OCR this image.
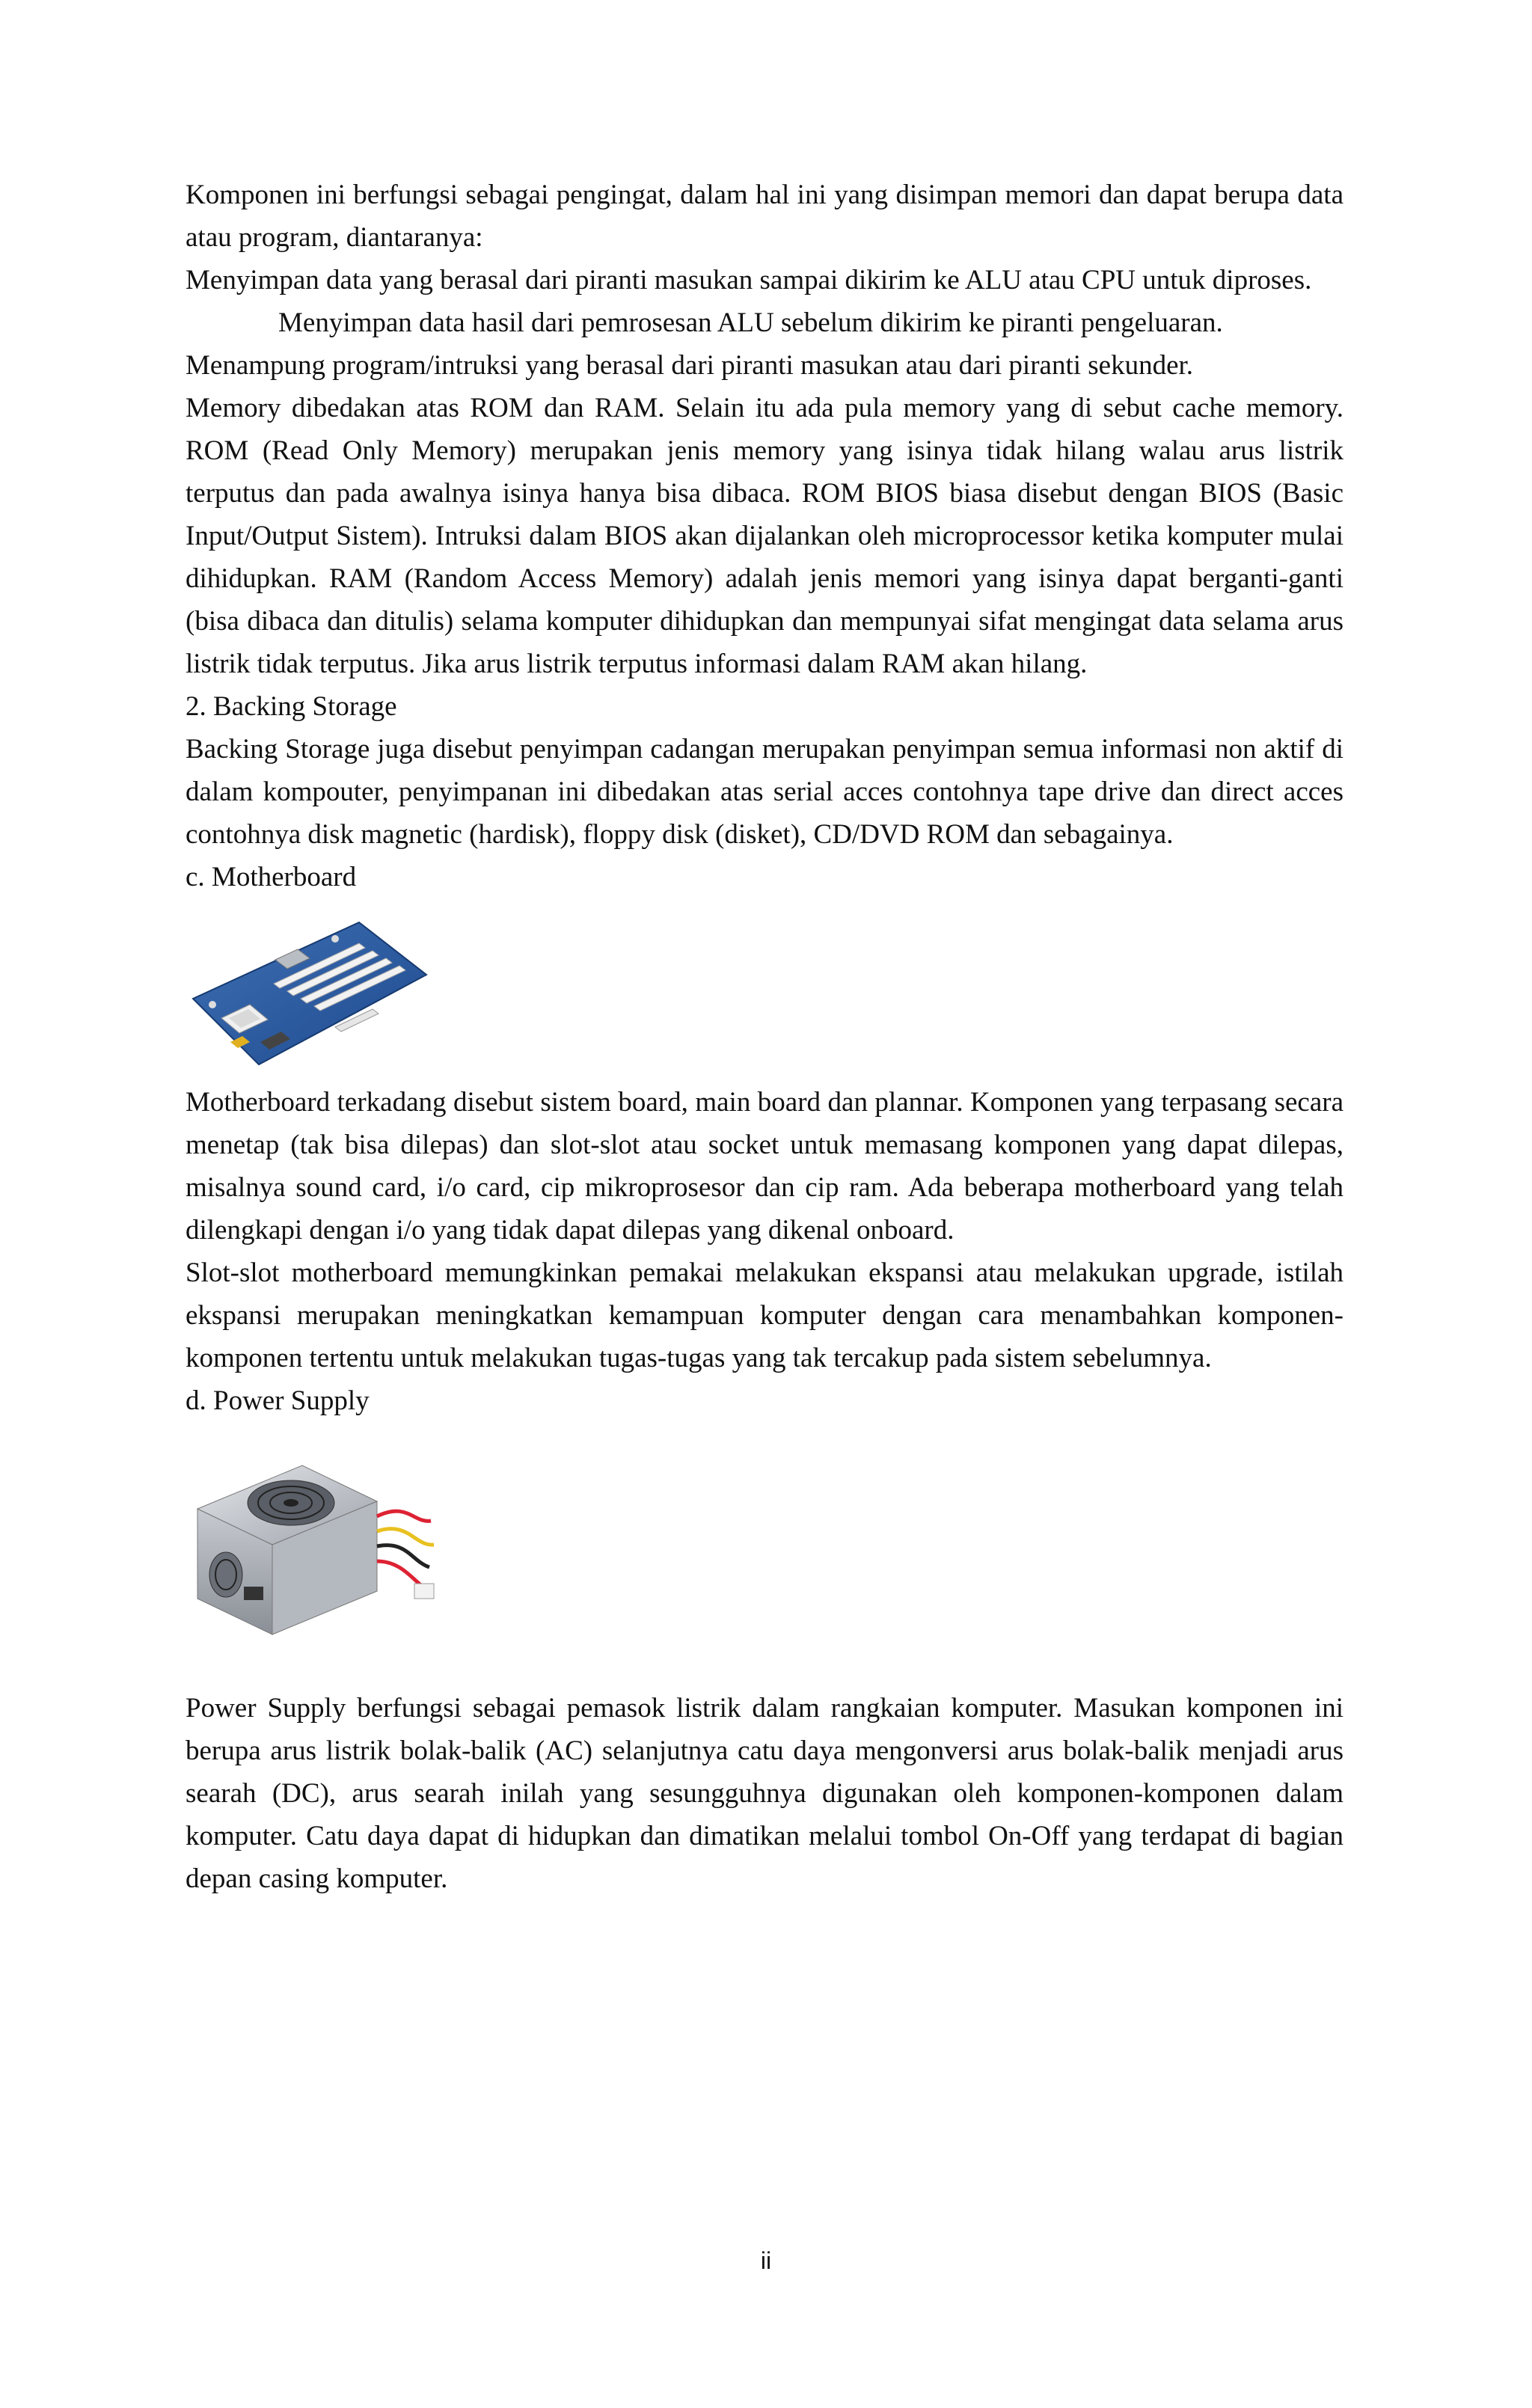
Komponen ini berfungsi sebagai pengingat, dalam hal ini yang disimpan memori dan dapat berupa data atau program, diantaranya:

Menyimpan data yang berasal dari piranti masukan sampai dikirim ke ALU atau CPU untuk diproses.

Menyimpan data hasil dari pemrosesan ALU sebelum dikirim ke piranti pengeluaran.

Menampung program/intruksi yang berasal dari piranti masukan atau dari piranti sekunder.

Memory dibedakan atas ROM dan RAM. Selain itu ada pula memory yang di sebut cache memory. ROM (Read Only Memory) merupakan jenis memory yang isinya tidak hilang walau arus listrik terputus dan pada awalnya isinya hanya bisa dibaca. ROM BIOS biasa disebut dengan BIOS (Basic Input/Output Sistem). Intruksi dalam BIOS akan dijalankan oleh microprocessor ketika komputer mulai dihidupkan. RAM (Random Access Memory) adalah jenis memori yang isinya dapat berganti-ganti (bisa dibaca dan ditulis) selama komputer dihidupkan dan mempunyai sifat mengingat data selama arus listrik tidak terputus. Jika arus listrik terputus informasi dalam RAM akan hilang.

2. Backing Storage

Backing Storage juga disebut penyimpan cadangan merupakan penyimpan semua informasi non aktif di dalam kompouter, penyimpanan ini dibedakan atas serial acces contohnya tape drive dan direct acces contohnya disk magnetic (hardisk), floppy disk (disket), CD/DVD ROM dan sebagainya.

c. Motherboard

Motherboard terkadang disebut sistem board, main board dan plannar. Komponen yang terpasang secara menetap (tak bisa dilepas) dan slot-slot atau socket untuk memasang komponen yang dapat dilepas, misalnya sound card, i/o card, cip mikroprosesor dan cip ram. Ada beberapa motherboard yang telah dilengkapi dengan i/o yang tidak dapat dilepas yang dikenal onboard.

Slot-slot motherboard memungkinkan pemakai melakukan ekspansi atau melakukan upgrade, istilah ekspansi merupakan meningkatkan kemampuan komputer dengan cara menambahkan komponen-komponen tertentu untuk melakukan tugas-tugas yang tak tercakup pada sistem sebelumnya.

d. Power Supply

Power Supply berfungsi sebagai pemasok listrik dalam rangkaian komputer. Masukan komponen ini berupa arus listrik bolak-balik (AC) selanjutnya catu daya mengonversi arus bolak-balik menjadi arus searah (DC), arus searah inilah yang sesungguhnya digunakan oleh komponen-komponen dalam komputer. Catu daya dapat di hidupkan dan dimatikan melalui tombol On-Off yang terdapat di bagian depan casing komputer.

ii
